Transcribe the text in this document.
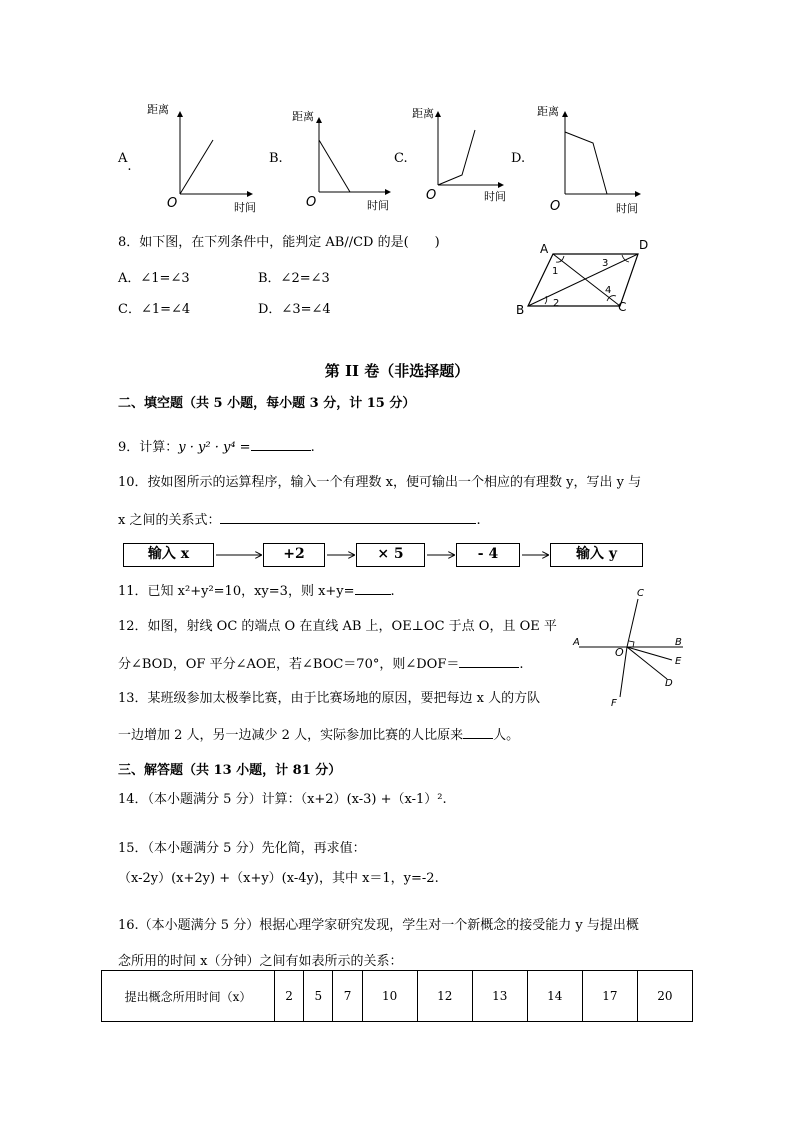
A.
B.	C.	D.
距离
时间
O
距离
时间
O
距离
时间
O
距离
时间
O
8．如下图，在下列条件中，能判定 AB//CD 的是(　　)
A．∠1=∠3	B．∠2=∠3
C．∠1=∠4	D．∠3=∠4
A	D
B	C
1
2
3
4
第 II 卷（非选择题）
二、填空题（共 5 小题，每小题 3 分，计 15 分）
9．计算：y · y² · y⁴ =	.
10．按如图所示的运算程序，输入一个有理数 x，便可输出一个相应的有理数 y，写出 y 与
x 之间的关系式：	.
输入 x	+2	× 5	- 4	输入 y
11．已知 x²+y²=10，xy=3，则 x+y=	.
12．如图，射线 OC 的端点 O 在直线 AB 上，OE⊥OC 于点 O，且 OE 平
分∠BOD，OF 平分∠AOE，若∠BOC＝70°，则∠DOF＝	.
A	B
C
E
D
F
O
13．某班级参加太极拳比赛，由于比赛场地的原因，要把每边 x 人的方队
一边增加 2 人，另一边减少 2 人，实际参加比赛的人比原来 人。
三、解答题（共 13 小题，计 81 分）
14．（本小题满分 5 分）计算：（x+2）(x-3) +（x-1）².
15．（本小题满分 5 分）先化简，再求值：
（x-2y）(x+2y) +（x+y）(x-4y)，其中 x＝1，y=-2.
16.（本小题满分 5 分）根据心理学家研究发现，学生对一个新概念的接受能力 y 与提出概
念所用的时间 x（分钟）之间有如表所示的关系：
提出概念所用时间（x）	2	5	7	10	12	13	14	17	20
